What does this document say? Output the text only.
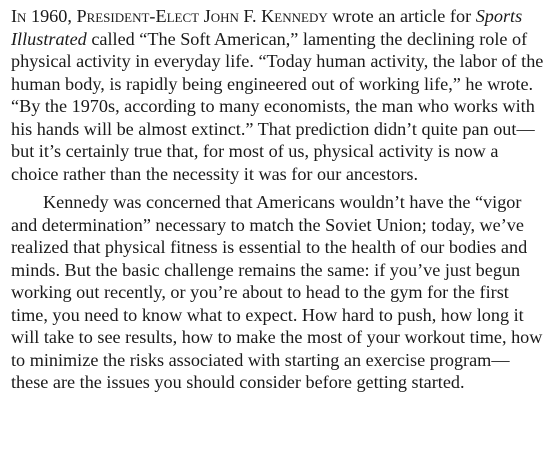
In 1960, President-Elect John F. Kennedy wrote an article for Sports Illustrated called “The Soft American,” lamenting the declining role of physical activity in everyday life. “Today human activity, the labor of the human body, is rapidly being engineered out of working life,” he wrote. “By the 1970s, according to many economists, the man who works with his hands will be almost extinct.” That prediction didn’t quite pan out—but it’s certainly true that, for most of us, physical activity is now a choice rather than the necessity it was for our ancestors.

Kennedy was concerned that Americans wouldn’t have the “vigor and determination” necessary to match the Soviet Union; today, we’ve realized that physical fitness is essential to the health of our bodies and minds. But the basic challenge remains the same: if you’ve just begun working out recently, or you’re about to head to the gym for the first time, you need to know what to expect. How hard to push, how long it will take to see results, how to make the most of your workout time, how to minimize the risks associated with starting an exercise program—these are the issues you should consider before getting started.
